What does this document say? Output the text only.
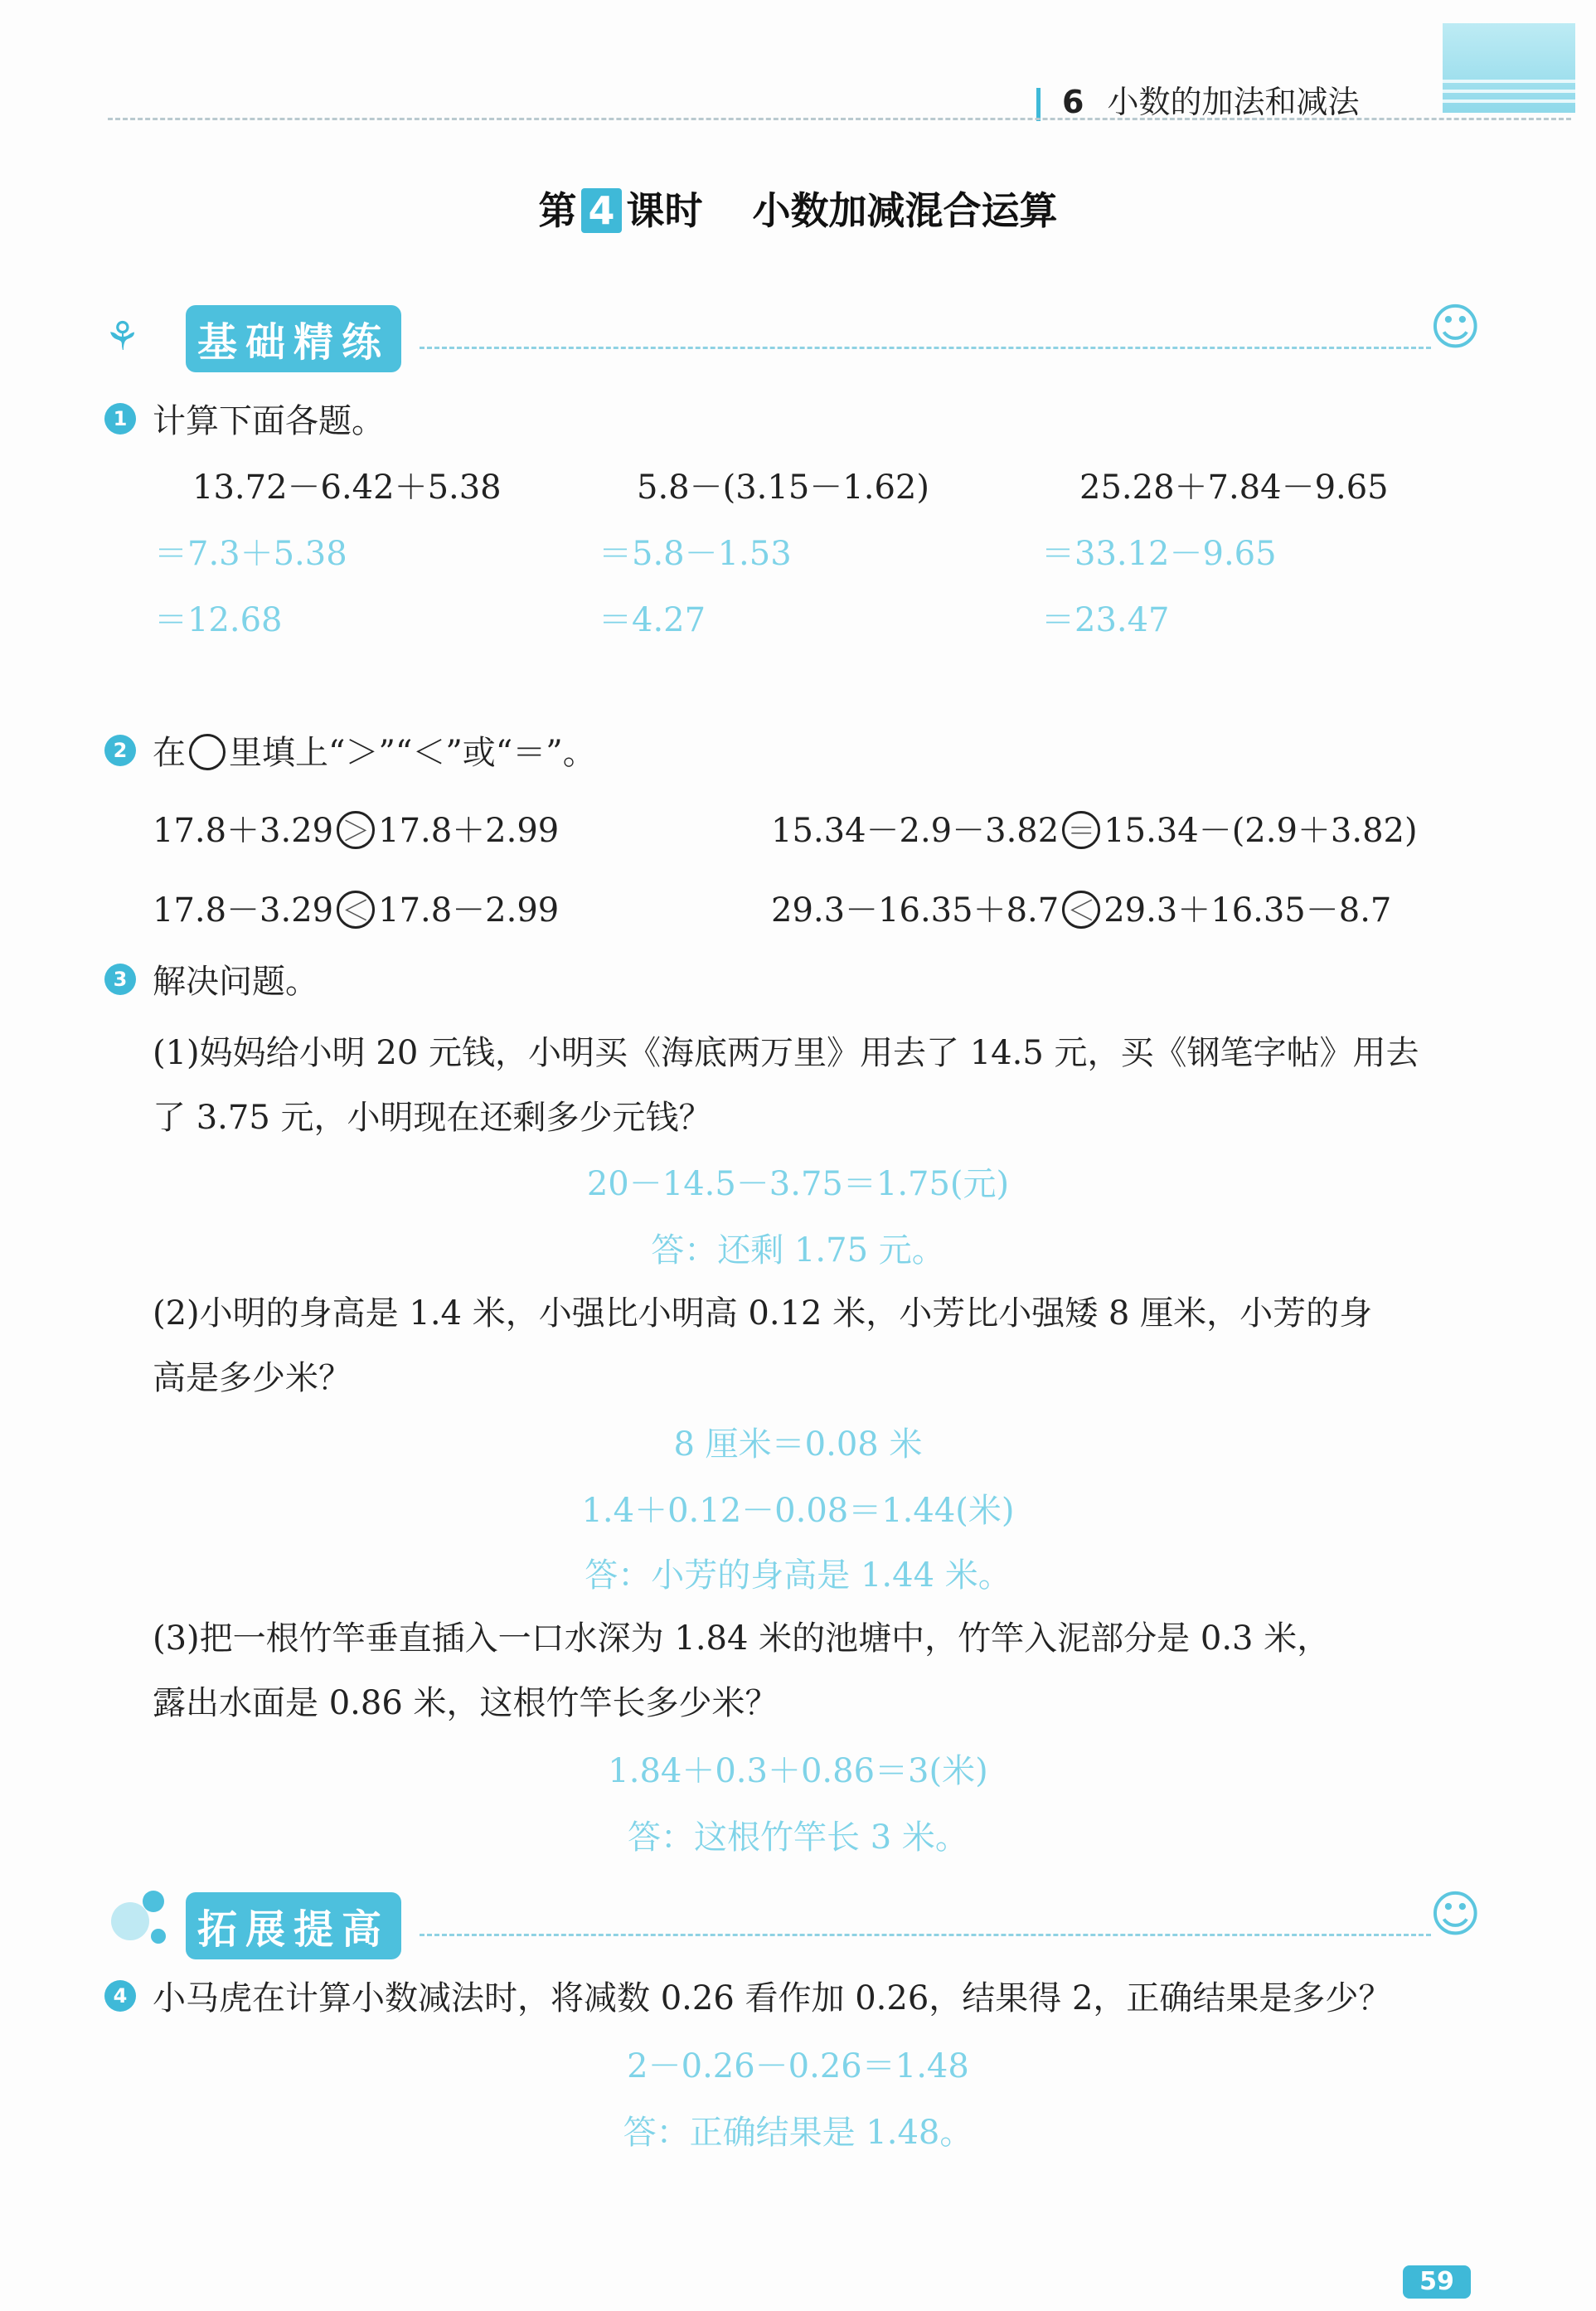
6 小数的加法和减法
第 4 课时 小数加减混合运算
⚘ 基础精练	☺
1 计算下面各题。
13.72－6.42＋5.38
＝7.3＋5.38
＝12.68
5.8－(3.15－1.62)
＝5.8－1.53
＝4.27
25.28＋7.84－9.65
＝33.12－9.65
＝23.47
2 在 里填上“＞”“＜”或“＝”。
17.8＋3.29 ＞ 17.8＋2.99	15.34－2.9－3.82 ＝ 15.34－(2.9＋3.82)
17.8－3.29 ＜ 17.8－2.99	29.3－16.35＋8.7 ＜ 29.3＋16.35－8.7
3 解决问题。
(1)妈妈给小明 20 元钱，小明买《海底两万里》用去了 14.5 元，买《钢笔字帖》用去
了 3.75 元，小明现在还剩多少元钱？
20－14.5－3.75＝1.75(元)
答：还剩 1.75 元。
(2)小明的身高是 1.4 米，小强比小明高 0.12 米，小芳比小强矮 8 厘米，小芳的身
高是多少米？
8 厘米＝0.08 米
1.4＋0.12－0.08＝1.44(米)
答：小芳的身高是 1.44 米。
(3)把一根竹竿垂直插入一口水深为 1.84 米的池塘中，竹竿入泥部分是 0.3 米，
露出水面是 0.86 米，这根竹竿长多少米？
1.84＋0.3＋0.86＝3(米)
答：这根竹竿长 3 米。
拓展提高	☺
4 小马虎在计算小数减法时，将减数 0.26 看作加 0.26，结果得 2，正确结果是多少？
2－0.26－0.26＝1.48
答：正确结果是 1.48。
59
